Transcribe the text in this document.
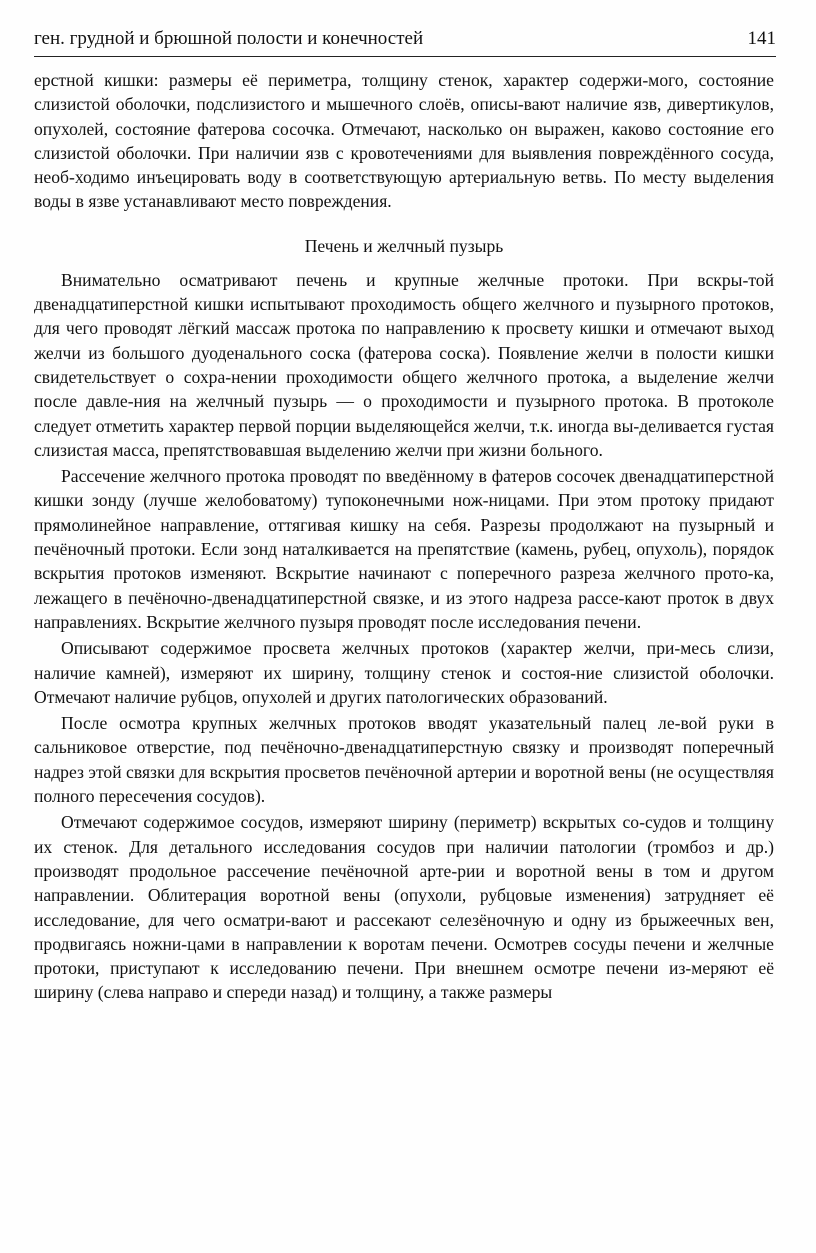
ген. грудной и брюшной полости и конечностей	141

ерстной кишки: размеры её периметра, толщину стенок, характер содержи-мого, состояние слизистой оболочки, подслизистого и мышечного слоёв, описы-вают наличие язв, дивертикулов, опухолей, состояние фатерова сосочка. Отмечают, насколько он выражен, каково состояние его слизистой оболочки. При наличии язв с кровотечениями для выявления повреждённого сосуда, необ-ходимо инъецировать воду в соответствующую артериальную ветвь. По месту выделения воды в язве устанавливают место повреждения.

Печень и желчный пузырь

Внимательно осматривают печень и крупные желчные протоки. При вскры-той двенадцатиперстной кишки испытывают проходимость общего желчного и пузырного протоков, для чего проводят лёгкий массаж протока по направлению к просвету кишки и отмечают выход желчи из большого дуоденального соска (фатерова соска). Появление желчи в полости кишки свидетельствует о сохра-нении проходимости общего желчного протока, а выделение желчи после давле-ния на желчный пузырь — о проходимости и пузырного протока. В протоколе следует отметить характер первой порции выделяющейся желчи, т.к. иногда вы-деливается густая слизистая масса, препятствовавшая выделению желчи при жизни больного.

Рассечение желчного протока проводят по введённому в фатеров сосочек двенадцатиперстной кишки зонду (лучше желобоватому) тупоконечными нож-ницами. При этом протоку придают прямолинейное направление, оттягивая кишку на себя. Разрезы продолжают на пузырный и печёночный протоки. Если зонд наталкивается на препятствие (камень, рубец, опухоль), порядок вскрытия протоков изменяют. Вскрытие начинают с поперечного разреза желчного прото-ка, лежащего в печёночно-двенадцатиперстной связке, и из этого надреза рассе-кают проток в двух направлениях. Вскрытие желчного пузыря проводят после исследования печени.

Описывают содержимое просвета желчных протоков (характер желчи, при-месь слизи, наличие камней), измеряют их ширину, толщину стенок и состоя-ние слизистой оболочки. Отмечают наличие рубцов, опухолей и других патологических образований.

После осмотра крупных желчных протоков вводят указательный палец ле-вой руки в сальниковое отверстие, под печёночно-двенадцатиперстную связку и производят поперечный надрез этой связки для вскрытия просветов печёночной артерии и воротной вены (не осуществляя полного пересечения сосудов).

Отмечают содержимое сосудов, измеряют ширину (периметр) вскрытых со-судов и толщину их стенок. Для детального исследования сосудов при наличии патологии (тромбоз и др.) производят продольное рассечение печёночной арте-рии и воротной вены в том и другом направлении. Облитерация воротной вены (опухоли, рубцовые изменения) затрудняет её исследование, для чего осматри-вают и рассекают селезёночную и одну из брыжеечных вен, продвигаясь ножни-цами в направлении к воротам печени. Осмотрев сосуды печени и желчные протоки, приступают к исследованию печени. При внешнем осмотре печени из-меряют её ширину (слева направо и спереди назад) и толщину, а также размеры
